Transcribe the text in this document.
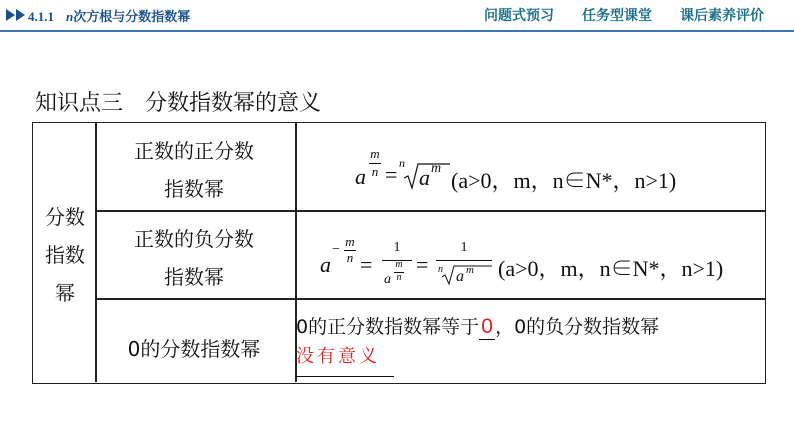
4.1.1 n次方根与分数指数幂	问题式预习 任务型课堂 课后素养评价
知识点三 分数指数幂的意义
分数
指数
幂
正数的正分数
指数幂
正数的负分数
指数幂
0的分数指数幂
a
m
n = n
a m (a>0，m，n∈N*，n>1)
a
−
m
n =
1
a
m
n
=
1
n a m (a>0，m，n∈N*，n>1)
0的正分数指数幂等于 0 ，0的负分数指数幂
没有意义
